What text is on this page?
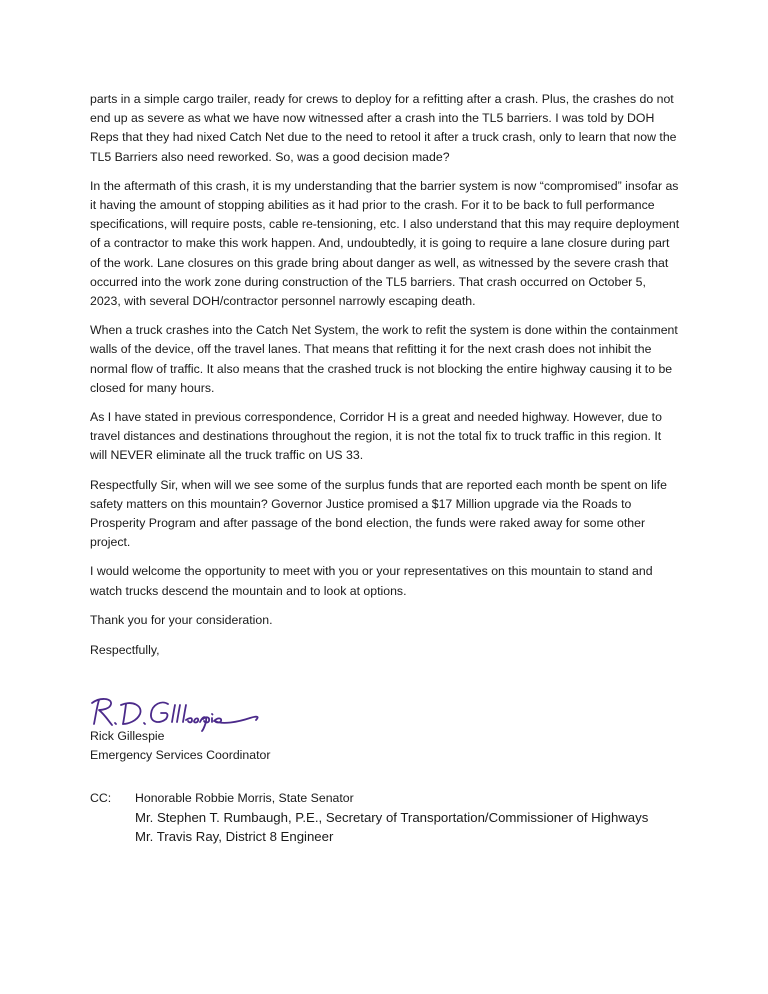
parts in a simple cargo trailer, ready for crews to deploy for a refitting after a crash. Plus, the crashes do not end up as severe as what we have now witnessed after a crash into the TL5 barriers. I was told by DOH Reps that they had nixed Catch Net due to the need to retool it after a truck crash, only to learn that now the TL5 Barriers also need reworked. So, was a good decision made?

In the aftermath of this crash, it is my understanding that the barrier system is now “compromised” insofar as it having the amount of stopping abilities as it had prior to the crash. For it to be back to full performance specifications, will require posts, cable re-tensioning, etc. I also understand that this may require deployment of a contractor to make this work happen. And, undoubtedly, it is going to require a lane closure during part of the work. Lane closures on this grade bring about danger as well, as witnessed by the severe crash that occurred into the work zone during construction of the TL5 barriers. That crash occurred on October 5, 2023, with several DOH/contractor personnel narrowly escaping death.

When a truck crashes into the Catch Net System, the work to refit the system is done within the containment walls of the device, off the travel lanes. That means that refitting it for the next crash does not inhibit the normal flow of traffic. It also means that the crashed truck is not blocking the entire highway causing it to be closed for many hours.

As I have stated in previous correspondence, Corridor H is a great and needed highway. However, due to travel distances and destinations throughout the region, it is not the total fix to truck traffic in this region. It will NEVER eliminate all the truck traffic on US 33.

Respectfully Sir, when will we see some of the surplus funds that are reported each month be spent on life safety matters on this mountain? Governor Justice promised a $17 Million upgrade via the Roads to Prosperity Program and after passage of the bond election, the funds were raked away for some other project.

I would welcome the opportunity to meet with you or your representatives on this mountain to stand and watch trucks descend the mountain and to look at options.

Thank you for your consideration.

Respectfully,

Rick Gillespie
Emergency Services Coordinator
CC: Honorable Robbie Morris, State Senator
Mr. Stephen T. Rumbaugh, P.E., Secretary of Transportation/Commissioner of Highways
Mr. Travis Ray, District 8 Engineer
